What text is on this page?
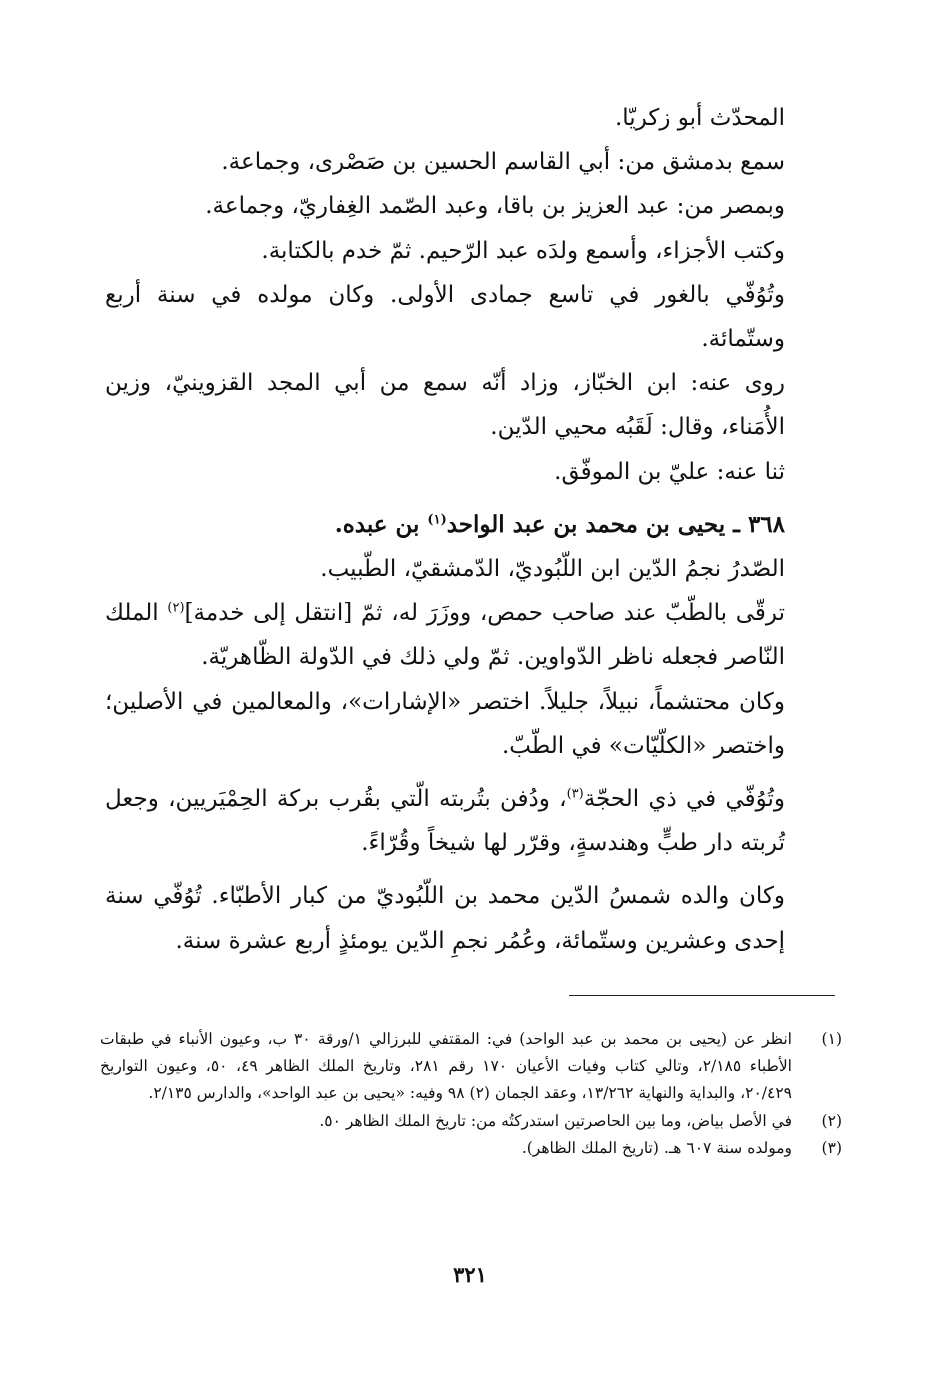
المحدّث أبو زكريّا.

سمع بدمشق من: أبي القاسم الحسين بن صَصْرى، وجماعة.

وبمصر من: عبد العزيز بن باقا، وعبد الصّمد الغِفاريّ، وجماعة.

وكتب الأجزاء، وأسمع ولدَه عبد الرّحيم. ثمّ خدم بالكتابة.

وتُوُفّي بالغور في تاسع جمادى الأولى. وكان مولده في سنة أربع وستّمائة.

روى عنه: ابن الخبّاز، وزاد أنّه سمع من أبي المجد القزوينيّ، وزين الأُمَناء، وقال: لَقَبُه محيي الدّين.

ثنا عنه: عليّ بن الموفّق.

٣٦٨ ـ يحيى بن محمد بن عبد الواحد$^{(١)}$ بن عبده.

الصّدرُ نجمُ الدّين ابن اللّبُوديّ، الدّمشقيّ، الطّبيب.

ترقّى بالطّبّ عند صاحب حمص، ووزَرَ له، ثمّ [انتقل إلى خدمة]$^{(٢)}$ الملك النّاصر فجعله ناظر الدّواوين. ثمّ ولي ذلك في الدّولة الظّاهريّة.

وكان محتشماً، نبيلاً، جليلاً. اختصر «الإشارات»، والمعالمين في الأصلين؛ واختصر «الكلّيّات» في الطّبّ.

وتُوُفّي في ذي الحجّة$^{(٣)}$، ودُفن بتُربته الّتي بقُرب بركة الحِمْيَريين، وجعل تُربته دار طبٍّ وهندسةٍ، وقرّر لها شيخاً وقُرّاءً.

وكان والده شمسُ الدّين محمد بن اللّبُوديّ من كبار الأطبّاء. تُوُفّي سنة إحدى وعشرين وستّمائة، وعُمُر نجمِ الدّين يومئذٍ أربع عشرة سنة.

(١)
انظر عن (يحيى بن محمد بن عبد الواحد) في: المقتفي للبرزالي ١/ورقة ٣٠ ب، وعيون الأنباء في طبقات الأطباء ٢/١٨٥، وتالي كتاب وفيات الأعيان ١٧٠ رقم ٢٨١، وتاريخ الملك الظاهر ٤٩، ٥٠، وعيون التواريخ ٢٠/٤٢٩، والبداية والنهاية ١٣/٢٦٢، وعقد الجمان (٢) ٩٨ وفيه: «يحيى بن عبد الواحد»، والدارس ٢/١٣٥.
(٢)
في الأصل بياض، وما بين الحاصرتين استدركتُه من: تاريخ الملك الظاهر ٥٠.
(٣)
ومولده سنة ٦٠٧ هـ. (تاريخ الملك الظاهر).
٣٢١
